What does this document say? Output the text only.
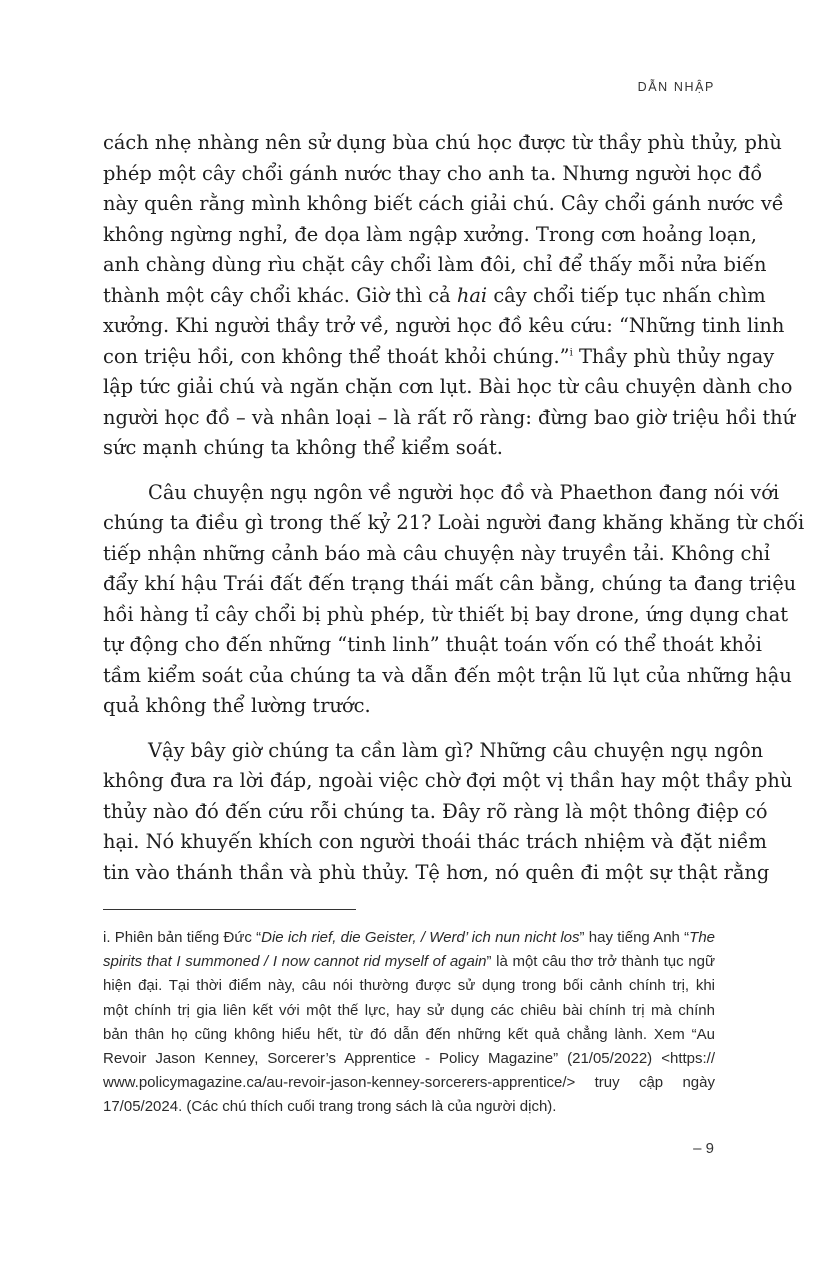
DẪN NHẬP

cách nhẹ nhàng nên sử dụng bùa chú học được từ thầy phù thủy, phù
phép một cây chổi gánh nước thay cho anh ta. Nhưng người học đồ
này quên rằng mình không biết cách giải chú. Cây chổi gánh nước về
không ngừng nghỉ, đe dọa làm ngập xưởng. Trong cơn hoảng loạn,
anh chàng dùng rìu chặt cây chổi làm đôi, chỉ để thấy mỗi nửa biến
thành một cây chổi khác. Giờ thì cả hai cây chổi tiếp tục nhấn chìm
xưởng. Khi người thầy trở về, người học đồ kêu cứu: “Những tinh linh
con triệu hồi, con không thể thoát khỏi chúng.”$^i$ Thầy phù thủy ngay
lập tức giải chú và ngăn chặn cơn lụt. Bài học từ câu chuyện dành cho
người học đồ – và nhân loại – là rất rõ ràng: đừng bao giờ triệu hồi thứ
sức mạnh chúng ta không thể kiểm soát.

Câu chuyện ngụ ngôn về người học đồ và Phaethon đang nói với
chúng ta điều gì trong thế kỷ 21? Loài người đang khăng khăng từ chối
tiếp nhận những cảnh báo mà câu chuyện này truyền tải. Không chỉ
đẩy khí hậu Trái đất đến trạng thái mất cân bằng, chúng ta đang triệu
hồi hàng tỉ cây chổi bị phù phép, từ thiết bị bay drone, ứng dụng chat
tự động cho đến những “tinh linh” thuật toán vốn có thể thoát khỏi
tầm kiểm soát của chúng ta và dẫn đến một trận lũ lụt của những hậu
quả không thể lường trước.

Vậy bây giờ chúng ta cần làm gì? Những câu chuyện ngụ ngôn
không đưa ra lời đáp, ngoài việc chờ đợi một vị thần hay một thầy phù
thủy nào đó đến cứu rỗi chúng ta. Đây rõ ràng là một thông điệp có
hại. Nó khuyến khích con người thoái thác trách nhiệm và đặt niềm
tin vào thánh thần và phù thủy. Tệ hơn, nó quên đi một sự thật rằng

i. Phiên bản tiếng Đức “Die ich rief, die Geister, / Werd’ ich nun nicht los” hay tiếng Anh “The
spirits that I summoned / I now cannot rid myself of again” là một câu thơ trở thành tục ngữ
hiện đại. Tại thời điểm này, câu nói thường được sử dụng trong bối cảnh chính trị, khi
một chính trị gia liên kết với một thế lực, hay sử dụng các chiêu bài chính trị mà chính
bản thân họ cũng không hiểu hết, từ đó dẫn đến những kết quả chẳng lành. Xem “Au
Revoir Jason Kenney, Sorcerer’s Apprentice - Policy Magazine” (21/05/2022) <https://
www.policymagazine.ca/au-revoir-jason-kenney-sorcerers-apprentice/> truy cập ngày
17/05/2024. (Các chú thích cuối trang trong sách là của người dịch).
– 9
